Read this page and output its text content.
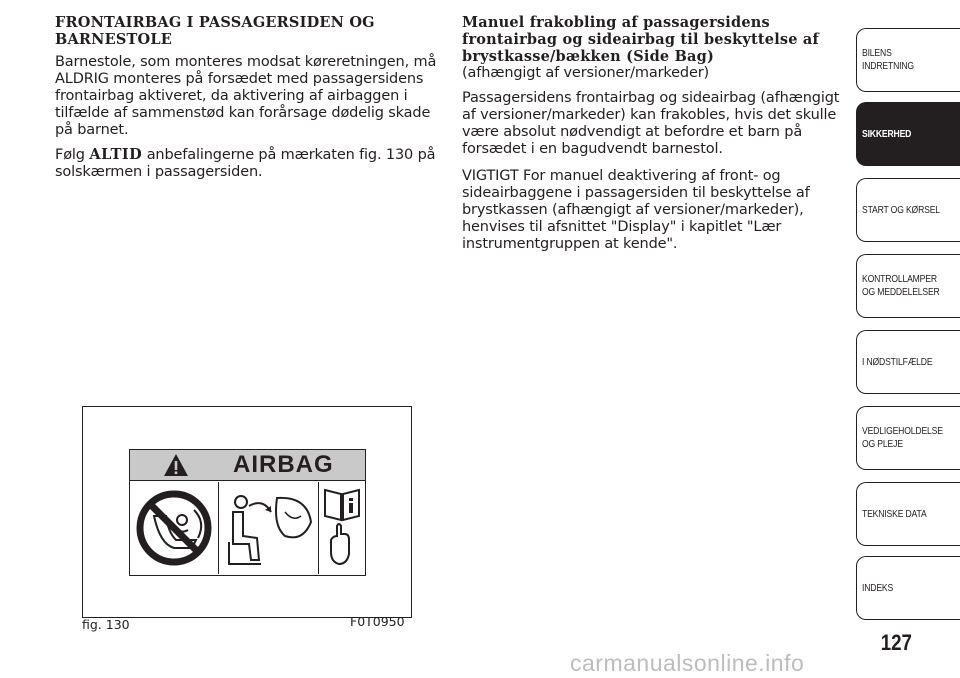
FRONTAIRBAG I PASSAGERSIDEN OG BARNESTOLE

Barnestole, som monteres modsat køreretningen, må ALDRIG monteres på forsædet med passagersidens frontairbag aktiveret, da aktivering af airbaggen i tilfælde af sammenstød kan forårsage dødelig skade på barnet.

Følg ALTID anbefalingerne på mærkaten fig. 130 på solskærmen i passagersiden.

Manuel frakobling af passagersidens frontairbag og sideairbag til beskyttelse af brystkasse/bækken (Side Bag)

(afhængigt af versioner/markeder)

Passagersidens frontairbag og sideairbag (afhængigt af versioner/markeder) kan frakobles, hvis det skulle være absolut nødvendigt at befordre et barn på forsædet i en bagudvendt barnestol.

VIGTIGT For manuel deaktivering af front- og sideairbaggene i passagersiden til beskyttelse af brystkassen (afhængigt af versioner/markeder), henvises til afsnittet "Display" i kapitlet "Lær instrumentgruppen at kende".

AIRBAG
fig. 130	F0T0950
BILENS INDRETNING
SIKKERHED
START OG KØRSEL
KONTROLLAMPER
OG MEDDELELSER
I NØDSTILFÆLDE
VEDLIGEHOLDELSE
OG PLEJE
TEKNISKE DATA
INDEKS
127
carmanualsonline.info
